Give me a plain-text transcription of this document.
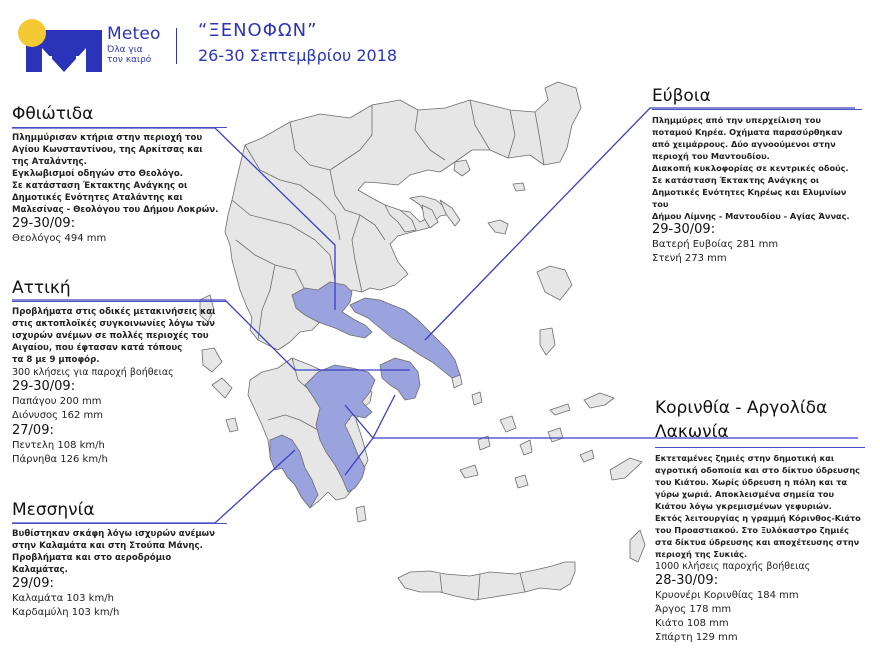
Meteo
Όλα για
τον καιρό
“ΞΕΝΟΦΩΝ”
26-30 Σεπτεμβρίου 2018
Φθιώτιδα
Πλημμύρισαν κτήρια στην περιοχή του
Αγίου Κωνσταντίνου, της Αρκίτσας και
της Αταλάντης.
Εγκλωβισμοί οδηγών στο Θεολόγο.
Σε κατάσταση Έκτακτης Ανάγκης οι
Δημοτικές Ενότητες Αταλάντης και
Μαλεσίνας - Θεολόγου του Δήμου Λοκρών.
29-30/09:
Θεολόγος 494 mm
Αττική
Προβλήματα στις οδικές μετακινήσεις και
στις ακτοπλοϊκές συγκοινωνίες λόγω των
ισχυρών ανέμων σε πολλές περιοχές του
Αιγαίου, που έφτασαν κατά τόπους
τα 8 με 9 μποφόρ.
300 κλήσεις για παροχή βοήθειας
29-30/09:
Παπάγου 200 mm
Διόνυσος 162 mm
27/09:
Πεντελη 108 km/h
Πάρνηθα 126 km/h
Μεσσηνία
Βυθίστηκαν σκάφη λόγω ισχυρών ανέμων
στην Καλαμάτα και στη Στούπα Μάνης.
Προβλήματα και στο αεροδρόμιο
Καλαμάτας.
29/09:
Καλαμάτα 103 km/h
Καρδαμύλη 103 km/h
Εύβοια
Πλημμύρες από την υπερχείλιση του
ποταμού Κηρέα. Οχήματα παρασύρθηκαν
από χειμάρρους. Δύο αγνοούμενοι στην
περιοχή του Μαντουδίου.
Διακοπή κυκλοφορίας σε κεντρικές οδούς.
Σε κατάσταση Έκτακτης Ανάγκης οι
Δημοτικές Ενότητες Κηρέως και Ελυμνίων του
Δήμου Λίμνης - Μαντουδίου - Αγίας Άννας.
29-30/09:
Βατερή Ευβοίας 281 mm
Στενή 273 mm
Κορινθία - Αργολίδα
Λακωνία
Εκτεταμένες ζημιές στην δημοτική και
αγροτική οδοποιία και στο δίκτυο ύδρευσης
του Κιάτου. Χωρίς ύδρευση η πόλη και τα
γύρω χωριά. Αποκλεισμένα σημεία του
Κιάτου λόγω γκρεμισμένων γεφυριών.
Εκτός λειτουργίας η γραμμή Κόρινθος-Κιάτο
του Προαστιακού. Στο Ξυλόκαστρο ζημιές
στα δίκτυα ύδρευσης και αποχέτευσης στην
περιοχή της Συκιάς.
1000 κλήσεις παροχής βοήθειας
28-30/09:
Κρυονέρι Κορινθίας 184 mm
Άργος 178 mm
Κιάτο 108 mm
Σπάρτη 129 mm
